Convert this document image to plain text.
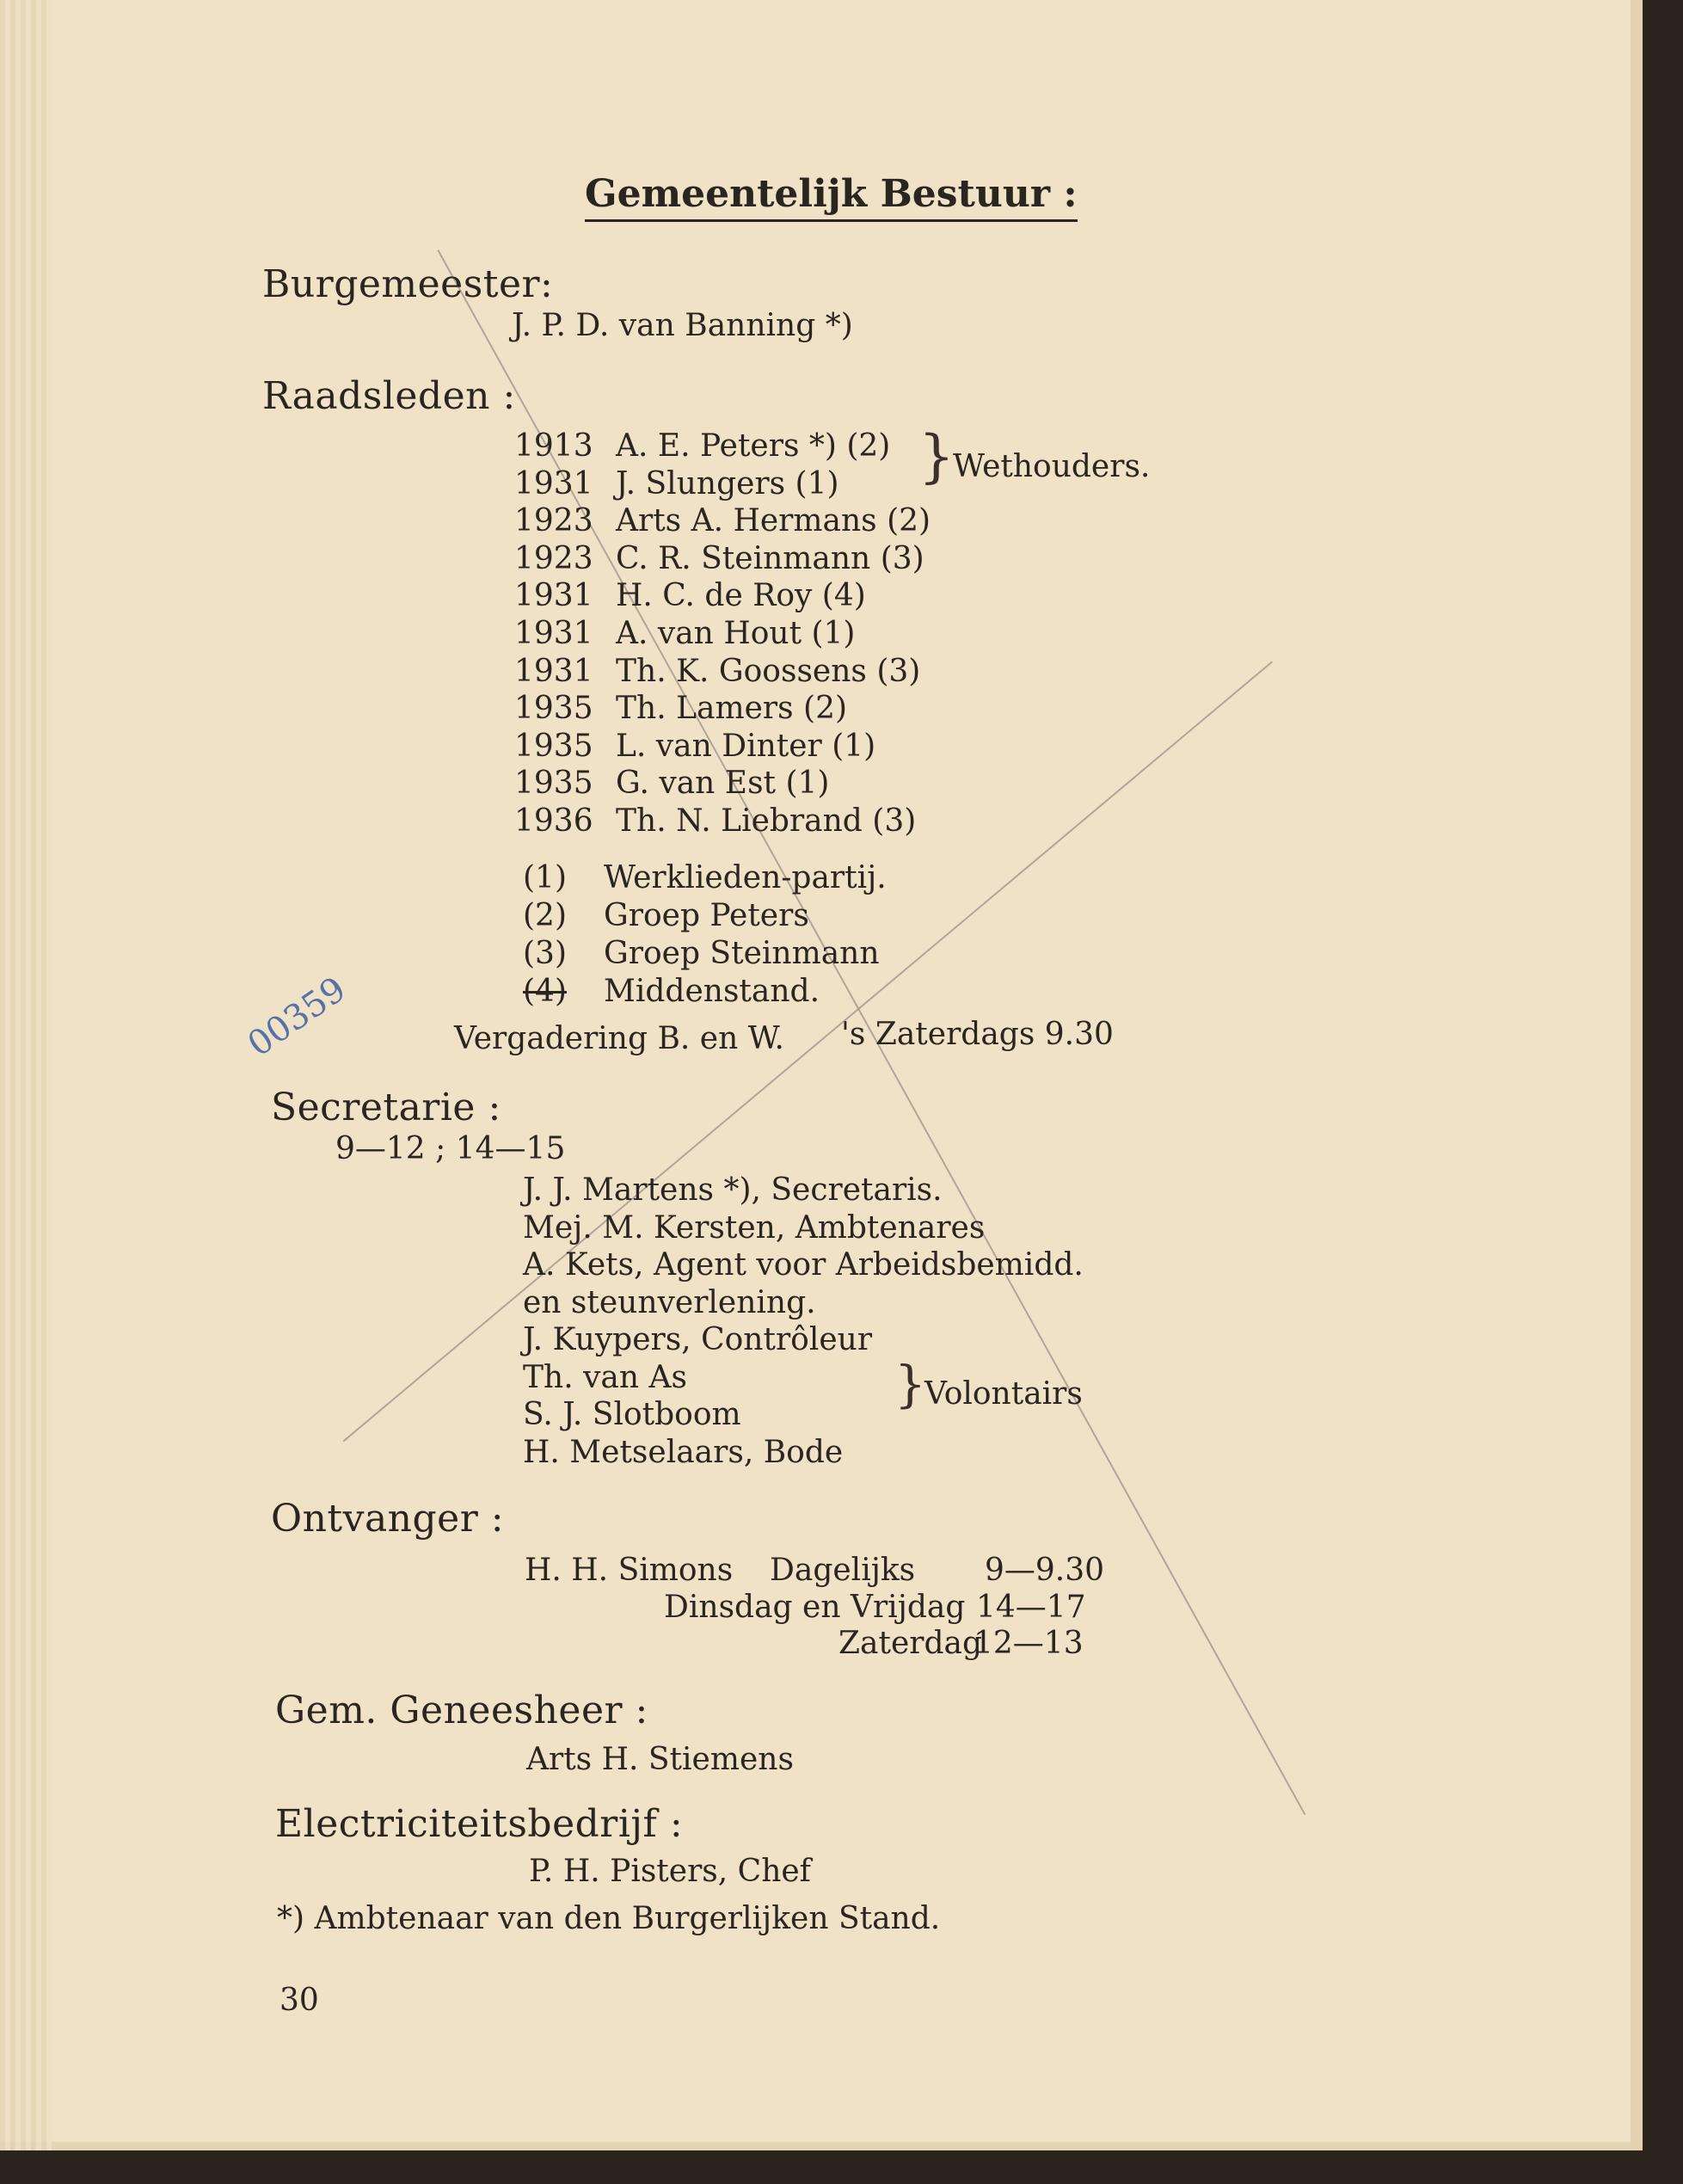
00359
Gemeentelijk Bestuur :
Burgemeester:
J. P. D. van Banning *)
Raadsleden :
1913 A. E. Peters *) (2)
1931 J. Slungers (1)
1923 Arts A. Hermans (2)
1923 C. R. Steinmann (3)
1931 H. C. de Roy (4)
1931 A. van Hout (1)
1931 Th. K. Goossens (3)
1935 Th. Lamers (2)
1935 L. van Dinter (1)
1935 G. van Est (1)
1936 Th. N. Liebrand (3)
}
Wethouders.
(1) Werklieden-partij.
(2) Groep Peters
(3) Groep Steinmann
(4) Middenstand.
Vergadering B. en W. 's Zaterdags 9.30
Secretarie :
9—12 ; 14—15
J. J. Martens *), Secretaris.
Mej. M. Kersten, Ambtenares
A. Kets, Agent voor Arbeidsbemidd.
en steunverlening.
J. Kuypers, Contrôleur
Th. van As
S. J. Slotboom
H. Metselaars, Bode
}
Volontairs
Ontvanger :
H. H. Simons Dagelijks 9—9.30
Dinsdag en Vrijdag 14—17
Zaterdag
12—13
Gem. Geneesheer :
Arts H. Stiemens
Electriciteitsbedrijf :
P. H. Pisters, Chef
*) Ambtenaar van den Burgerlijken Stand.
30
